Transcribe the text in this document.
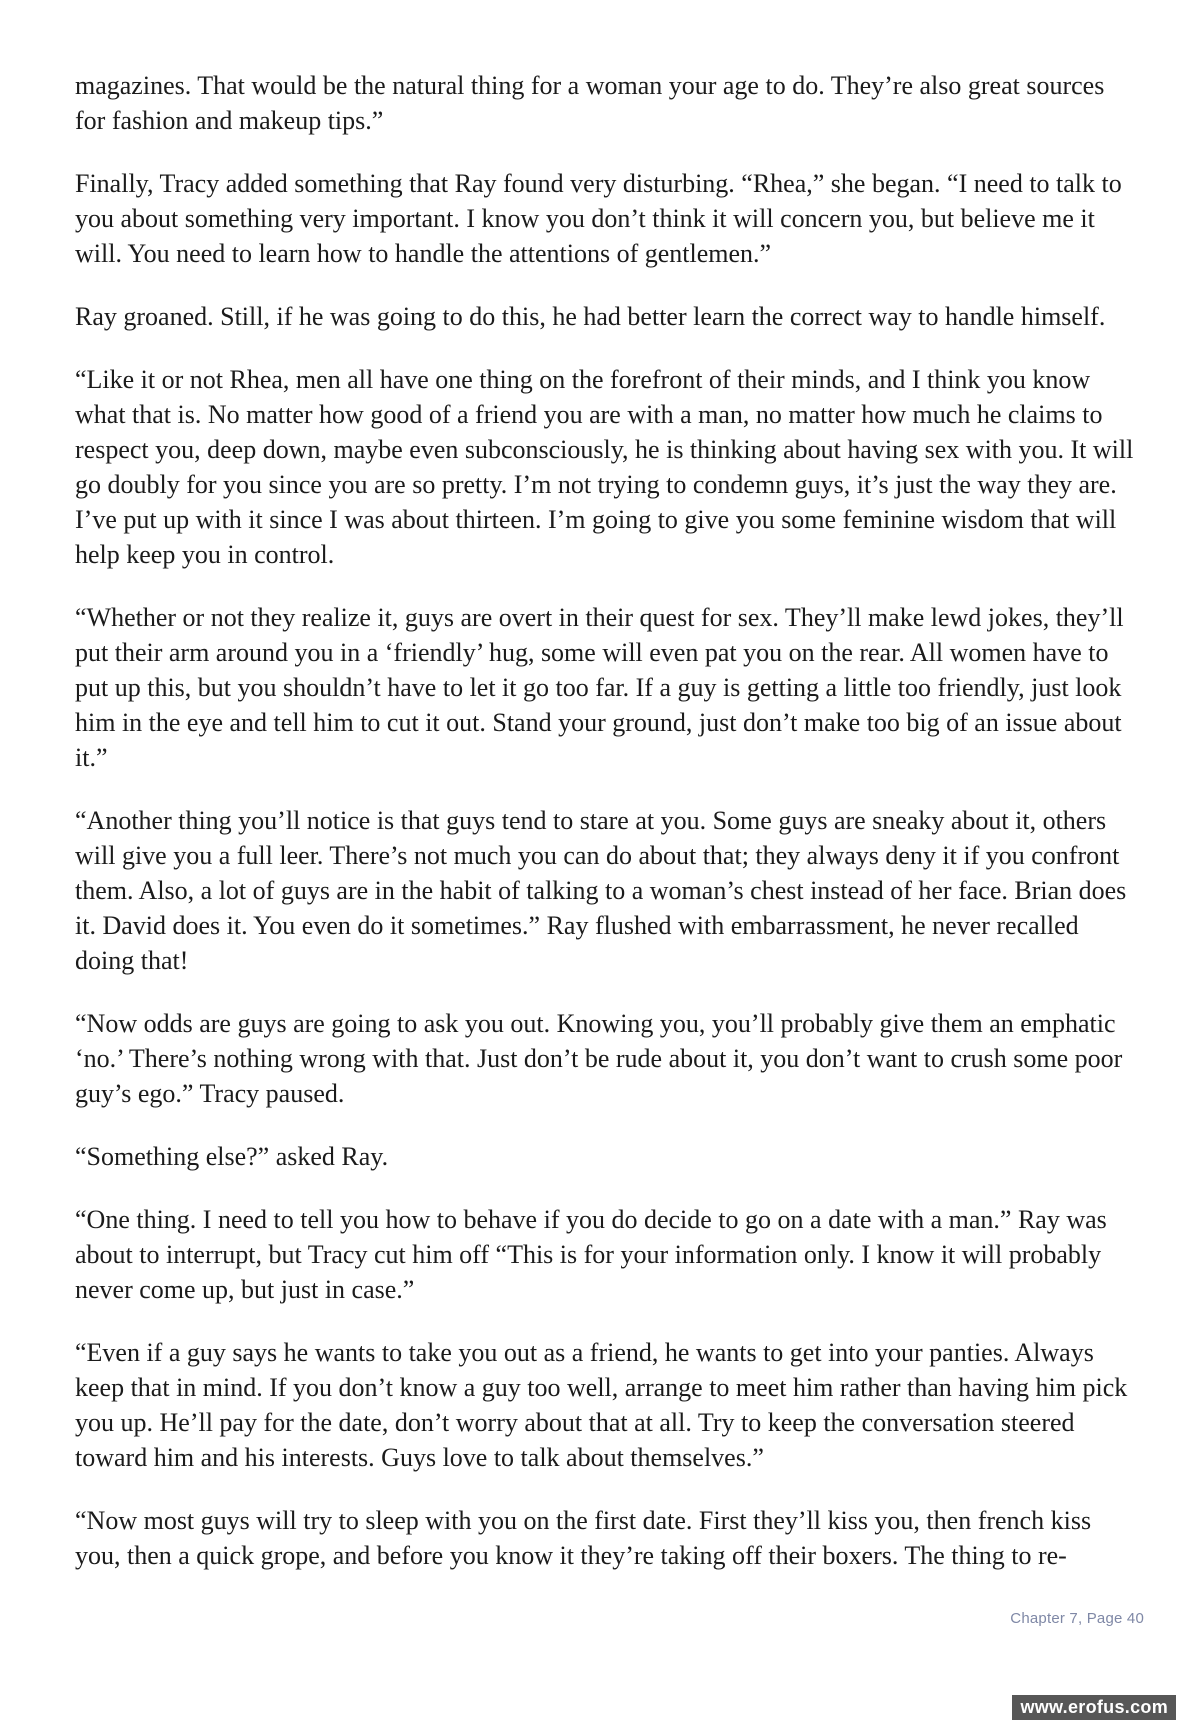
magazines. That would be the natural thing for a woman your age to do. They’re also great sources for fashion and makeup tips.”

Finally, Tracy added something that Ray found very disturbing. “Rhea,” she began. “I need to talk to you about something very important. I know you don’t think it will concern you, but believe me it will. You need to learn how to handle the attentions of gentlemen.”

Ray groaned. Still, if he was going to do this, he had better learn the correct way to handle himself.

“Like it or not Rhea, men all have one thing on the forefront of their minds, and I think you know what that is. No matter how good of a friend you are with a man, no matter how much he claims to respect you, deep down, maybe even subconsciously, he is thinking about having sex with you. It will go doubly for you since you are so pretty. I’m not trying to condemn guys, it’s just the way they are. I’ve put up with it since I was about thirteen. I’m going to give you some feminine wisdom that will help keep you in control.

“Whether or not they realize it, guys are overt in their quest for sex. They’ll make lewd jokes, they’ll put their arm around you in a ‘friendly’ hug, some will even pat you on the rear. All women have to put up this, but you shouldn’t have to let it go too far. If a guy is getting a little too friendly, just look him in the eye and tell him to cut it out. Stand your ground, just don’t make too big of an issue about it.”

“Another thing you’ll notice is that guys tend to stare at you. Some guys are sneaky about it, others will give you a full leer. There’s not much you can do about that; they always deny it if you confront them. Also, a lot of guys are in the habit of talking to a woman’s chest instead of her face. Brian does it. David does it. You even do it sometimes.” Ray flushed with embarrassment, he never recalled doing that!

“Now odds are guys are going to ask you out. Knowing you, you’ll probably give them an emphatic ‘no.’ There’s nothing wrong with that. Just don’t be rude about it, you don’t want to crush some poor guy’s ego.” Tracy paused.

“Something else?” asked Ray.

“One thing. I need to tell you how to behave if you do decide to go on a date with a man.” Ray was about to interrupt, but Tracy cut him off “This is for your information only. I know it will probably never come up, but just in case.”

“Even if a guy says he wants to take you out as a friend, he wants to get into your panties. Always keep that in mind. If you don’t know a guy too well, arrange to meet him rather than having him pick you up. He’ll pay for the date, don’t worry about that at all. Try to keep the conversation steered toward him and his interests. Guys love to talk about themselves.”

“Now most guys will try to sleep with you on the first date. First they’ll kiss you, then french kiss you, then a quick grope, and before you know it they’re taking off their boxers. The thing to re-

Chapter 7, Page 40
www.erofus.com
